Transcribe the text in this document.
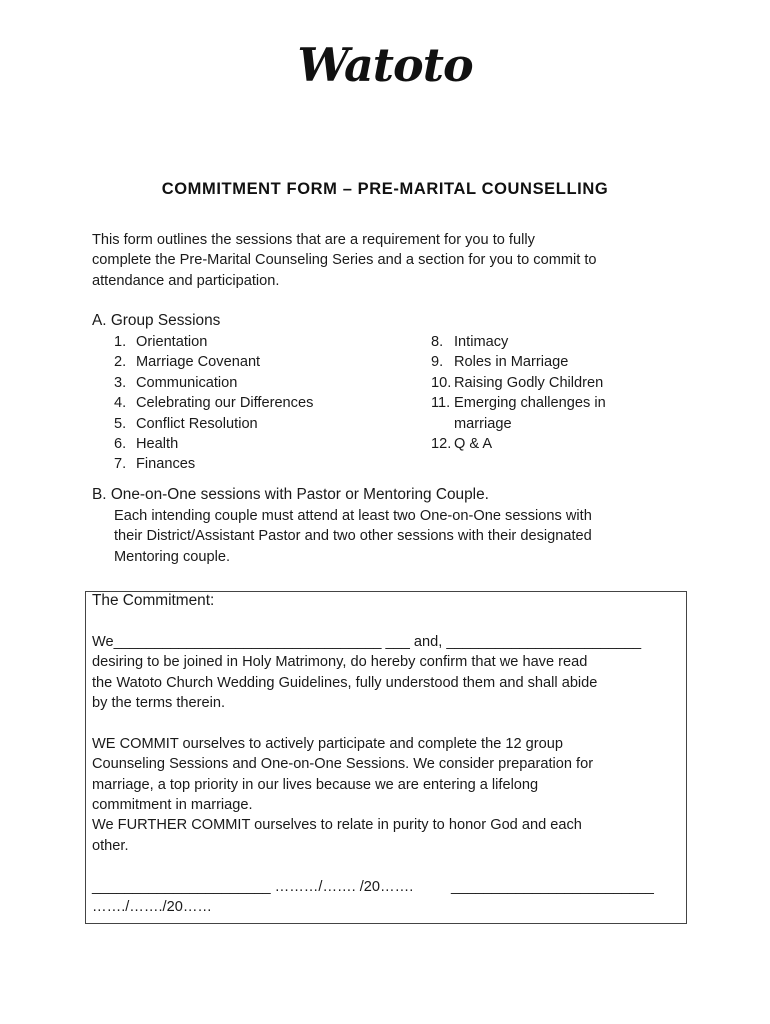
Watoto
COMMITMENT FORM – PRE-MARITAL COUNSELLING
This form outlines the sessions that are a requirement for you to fully
complete the Pre-Marital Counseling Series and a section for you to commit to
attendance and participation.
A. Group Sessions
1. Orientation
2. Marriage Covenant
3. Communication
4. Celebrating our Differences
5. Conflict Resolution
6. Health
7. Finances
8. Intimacy
9. Roles in Marriage
10. Raising Godly Children
11. Emerging challenges in marriage
12. Q & A
B. One-on-One sessions with Pastor or Mentoring Couple.
Each intending couple must attend at least two One-on-One sessions with
their District/Assistant Pastor and two other sessions with their designated
Mentoring couple.
The Commitment:
We_________________________________ ___ and, ________________________
desiring to be joined in Holy Matrimony, do hereby confirm that we have read
the Watoto Church Wedding Guidelines, fully understood them and shall abide
by the terms therein.
WE COMMIT ourselves to actively participate and complete the 12 group
Counseling Sessions and One-on-One Sessions. We consider preparation for
marriage, a top priority in our lives because we are entering a lifelong
commitment in marriage.
We FURTHER COMMIT ourselves to relate in purity to honor God and each
other.
______________________ ………/……. /20…….	_________________________
……./……./20……
